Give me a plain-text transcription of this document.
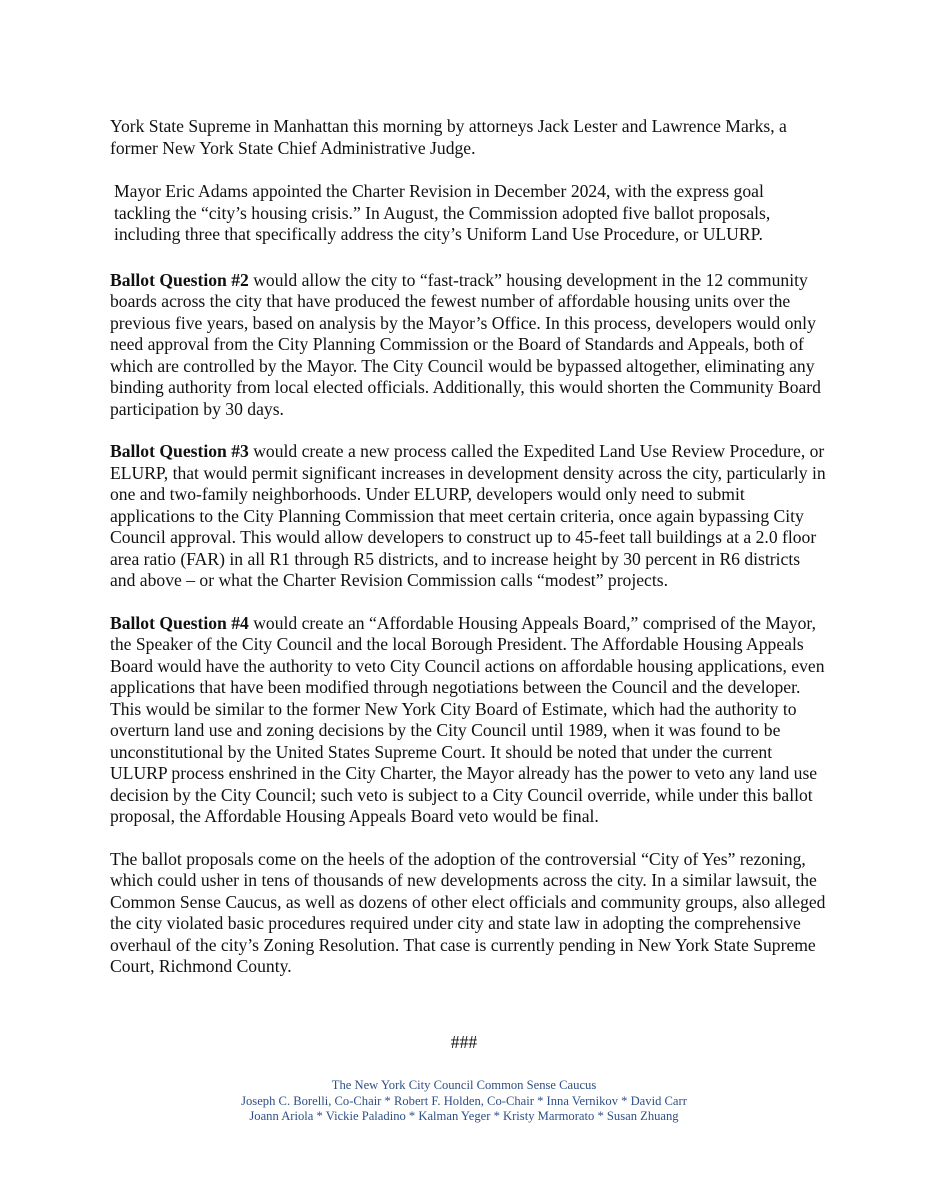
York State Supreme in Manhattan this morning by attorneys Jack Lester and Lawrence Marks, a former New York State Chief Administrative Judge.

Mayor Eric Adams appointed the Charter Revision in December 2024, with the express goal tackling the “city’s housing crisis.” In August, the Commission adopted five ballot proposals, including three that specifically address the city’s Uniform Land Use Procedure, or ULURP.

Ballot Question #2 would allow the city to “fast-track” housing development in the 12 community boards across the city that have produced the fewest number of affordable housing units over the previous five years, based on analysis by the Mayor’s Office. In this process, developers would only need approval from the City Planning Commission or the Board of Standards and Appeals, both of which are controlled by the Mayor. The City Council would be bypassed altogether, eliminating any binding authority from local elected officials. Additionally, this would shorten the Community Board participation by 30 days.

Ballot Question #3 would create a new process called the Expedited Land Use Review Procedure, or ELURP, that would permit significant increases in development density across the city, particularly in one and two-family neighborhoods. Under ELURP, developers would only need to submit applications to the City Planning Commission that meet certain criteria, once again bypassing City Council approval. This would allow developers to construct up to 45-feet tall buildings at a 2.0 floor area ratio (FAR) in all R1 through R5 districts, and to increase height by 30 percent in R6 districts and above – or what the Charter Revision Commission calls “modest” projects.

Ballot Question #4 would create an “Affordable Housing Appeals Board,” comprised of the Mayor, the Speaker of the City Council and the local Borough President. The Affordable Housing Appeals Board would have the authority to veto City Council actions on affordable housing applications, even applications that have been modified through negotiations between the Council and the developer. This would be similar to the former New York City Board of Estimate, which had the authority to overturn land use and zoning decisions by the City Council until 1989, when it was found to be unconstitutional by the United States Supreme Court. It should be noted that under the current ULURP process enshrined in the City Charter, the Mayor already has the power to veto any land use decision by the City Council; such veto is subject to a City Council override, while under this ballot proposal, the Affordable Housing Appeals Board veto would be final.

The ballot proposals come on the heels of the adoption of the controversial “City of Yes” rezoning, which could usher in tens of thousands of new developments across the city. In a similar lawsuit, the Common Sense Caucus, as well as dozens of other elect officials and community groups, also alleged the city violated basic procedures required under city and state law in adopting the comprehensive overhaul of the city’s Zoning Resolution. That case is currently pending in New York State Supreme Court, Richmond County.

###
The New York City Council Common Sense Caucus
Joseph C. Borelli, Co-Chair * Robert F. Holden, Co-Chair * Inna Vernikov * David Carr
Joann Ariola * Vickie Paladino * Kalman Yeger * Kristy Marmorato * Susan Zhuang
